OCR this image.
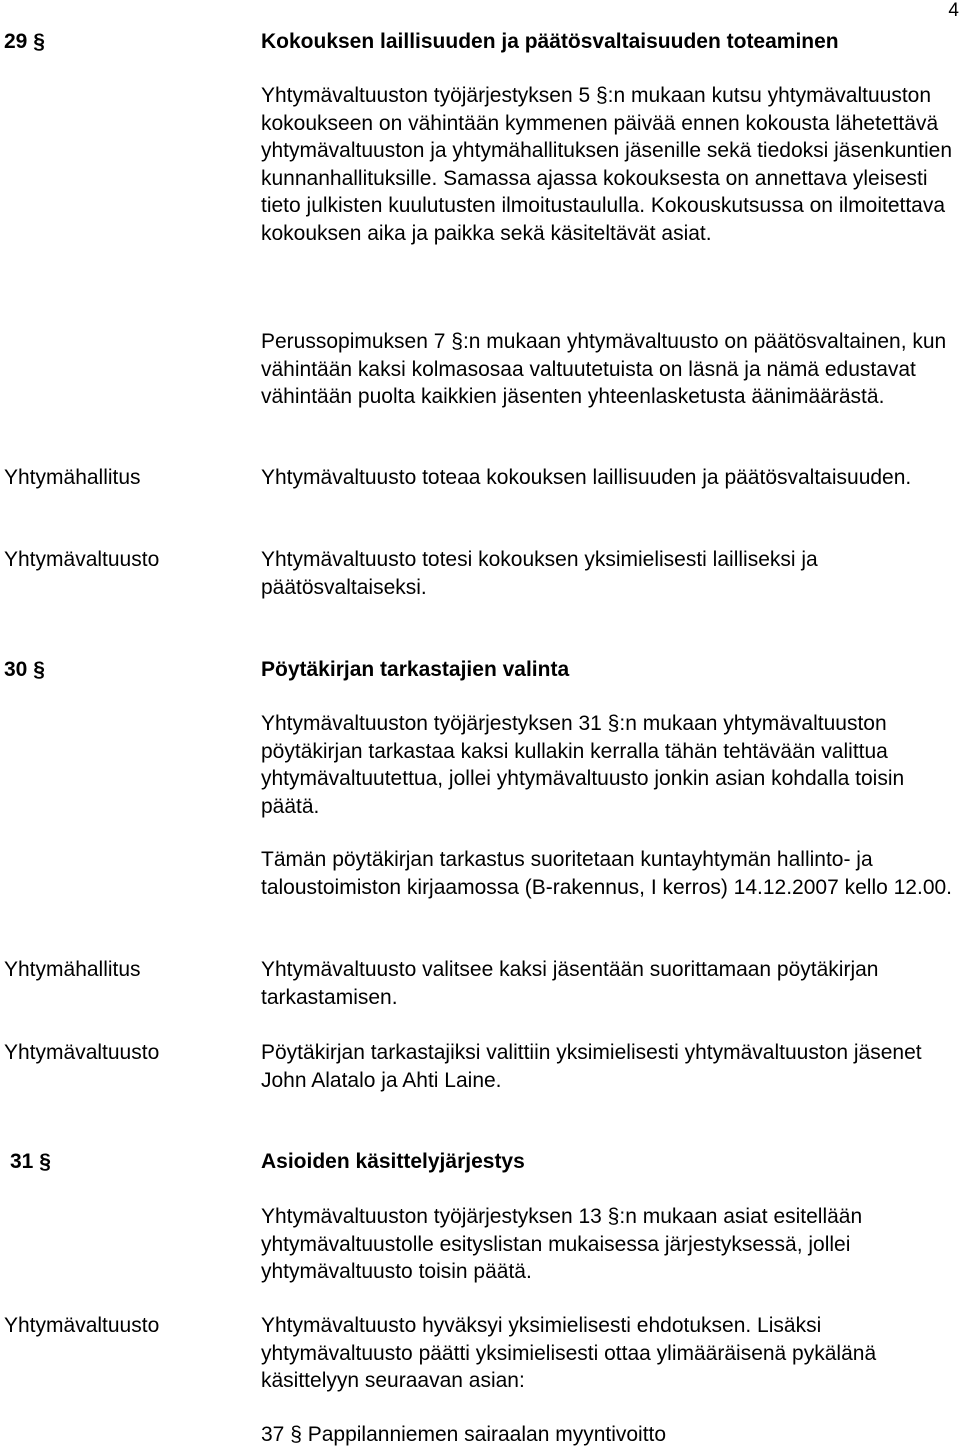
4
29 §	Kokouksen laillisuuden ja päätösvaltaisuuden toteaminen

Yhtymävaltuuston työjärjestyksen 5 §:n mukaan kutsu yhtymävaltuuston kokoukseen on vähintään kymmenen päivää ennen kokousta lähetettävä yhtymävaltuuston ja yhtymähallituksen jäsenille sekä tiedoksi jäsenkuntien kunnanhallituksille. Samassa ajassa kokouksesta on annettava yleisesti tieto julkisten kuulutusten ilmoitustaululla. Kokouskutsussa on ilmoitettava kokouksen aika ja paikka sekä käsiteltävät asiat.

Perussopimuksen 7 §:n mukaan yhtymävaltuusto on päätösvaltainen, kun vähintään kaksi kolmasosaa valtuutetuista on läsnä ja nämä edustavat vähintään puolta kaikkien jäsenten yhteenlasketusta äänimäärästä.

Yhtymähallitus	Yhtymävaltuusto toteaa kokouksen laillisuuden ja päätösvaltaisuuden.

Yhtymävaltuusto	Yhtymävaltuusto totesi kokouksen yksimielisesti lailliseksi ja päätösvaltaiseksi.

30 §	Pöytäkirjan tarkastajien valinta

Yhtymävaltuuston työjärjestyksen 31 §:n mukaan yhtymävaltuuston pöytäkirjan tarkastaa kaksi kullakin kerralla tähän tehtävään valittua yhtymävaltuutettua, jollei yhtymävaltuusto jonkin asian kohdalla toisin päätä.

Tämän pöytäkirjan tarkastus suoritetaan kuntayhtymän hallinto- ja taloustoimiston kirjaamossa (B-rakennus, I kerros) 14.12.2007 kello 12.00.

Yhtymähallitus	Yhtymävaltuusto valitsee kaksi jäsentään suorittamaan pöytäkirjan tarkastamisen.

Yhtymävaltuusto	Pöytäkirjan tarkastajiksi valittiin yksimielisesti yhtymävaltuuston jäsenet John Alatalo ja Ahti Laine.

31 §	Asioiden käsittelyjärjestys

Yhtymävaltuuston työjärjestyksen 13 §:n mukaan asiat esitellään yhtymävaltuustolle esityslistan mukaisessa järjestyksessä, jollei yhtymävaltuusto toisin päätä.

Yhtymävaltuusto	Yhtymävaltuusto hyväksyi yksimielisesti ehdotuksen. Lisäksi yhtymävaltuusto päätti yksimielisesti ottaa ylimääräisenä pykälänä käsittelyyn seuraavan asian:

37 § Pappilanniemen sairaalan myyntivoitto
